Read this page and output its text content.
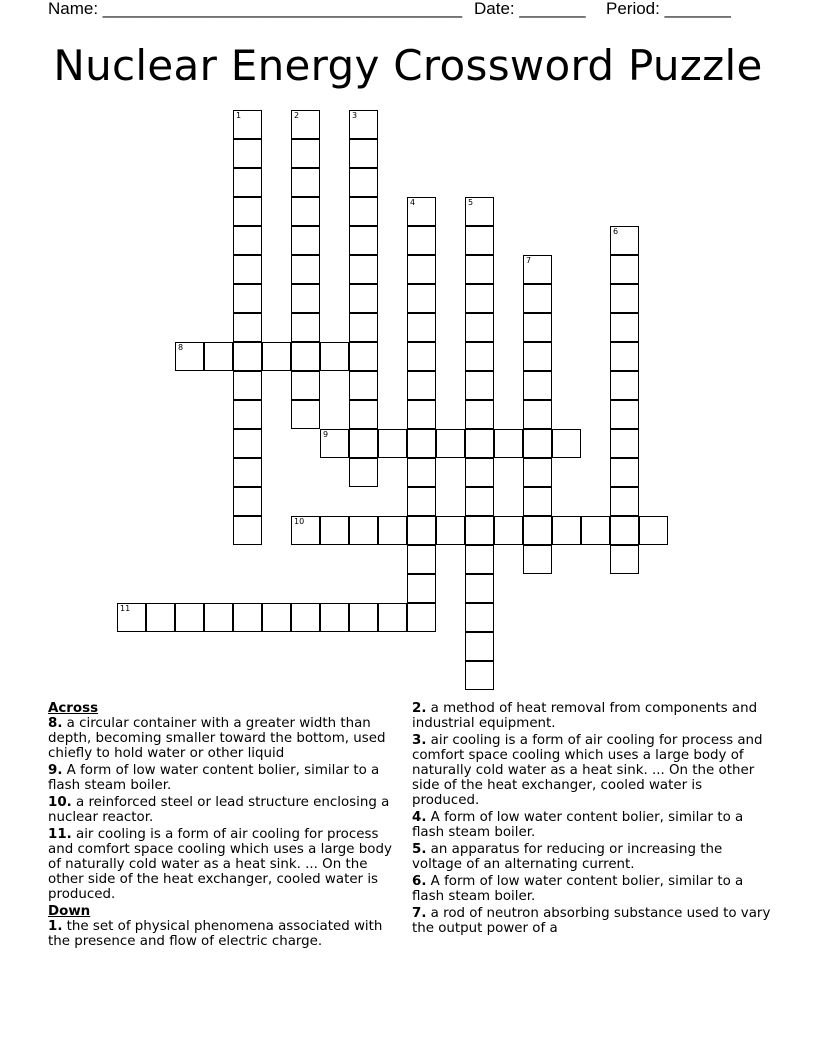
Name: ______________________________________ Date: _______ Period: _______
Nuclear Energy Crossword Puzzle
1	2	3
4	5
6
7
8
9
10
11

Across

8. a circular container with a greater width than depth, becoming smaller toward the bottom, used chiefly to hold water or other liquid

9. A form of low water content bolier, similar to a flash steam boiler.

10. a reinforced steel or lead structure enclosing a nuclear reactor.

11. air cooling is a form of air cooling for process and comfort space cooling which uses a large body of naturally cold water as a heat sink. ... On the other side of the heat exchanger, cooled water is produced.

Down

1. the set of physical phenomena associated with the presence and flow of electric charge.

2. a method of heat removal from components and industrial equipment.

3. air cooling is a form of air cooling for process and comfort space cooling which uses a large body of naturally cold water as a heat sink. ... On the other side of the heat exchanger, cooled water is produced.

4. A form of low water content bolier, similar to a flash steam boiler.

5. an apparatus for reducing or increasing the voltage of an alternating current.

6. A form of low water content bolier, similar to a flash steam boiler.

7. a rod of neutron absorbing substance used to vary the output power of a
